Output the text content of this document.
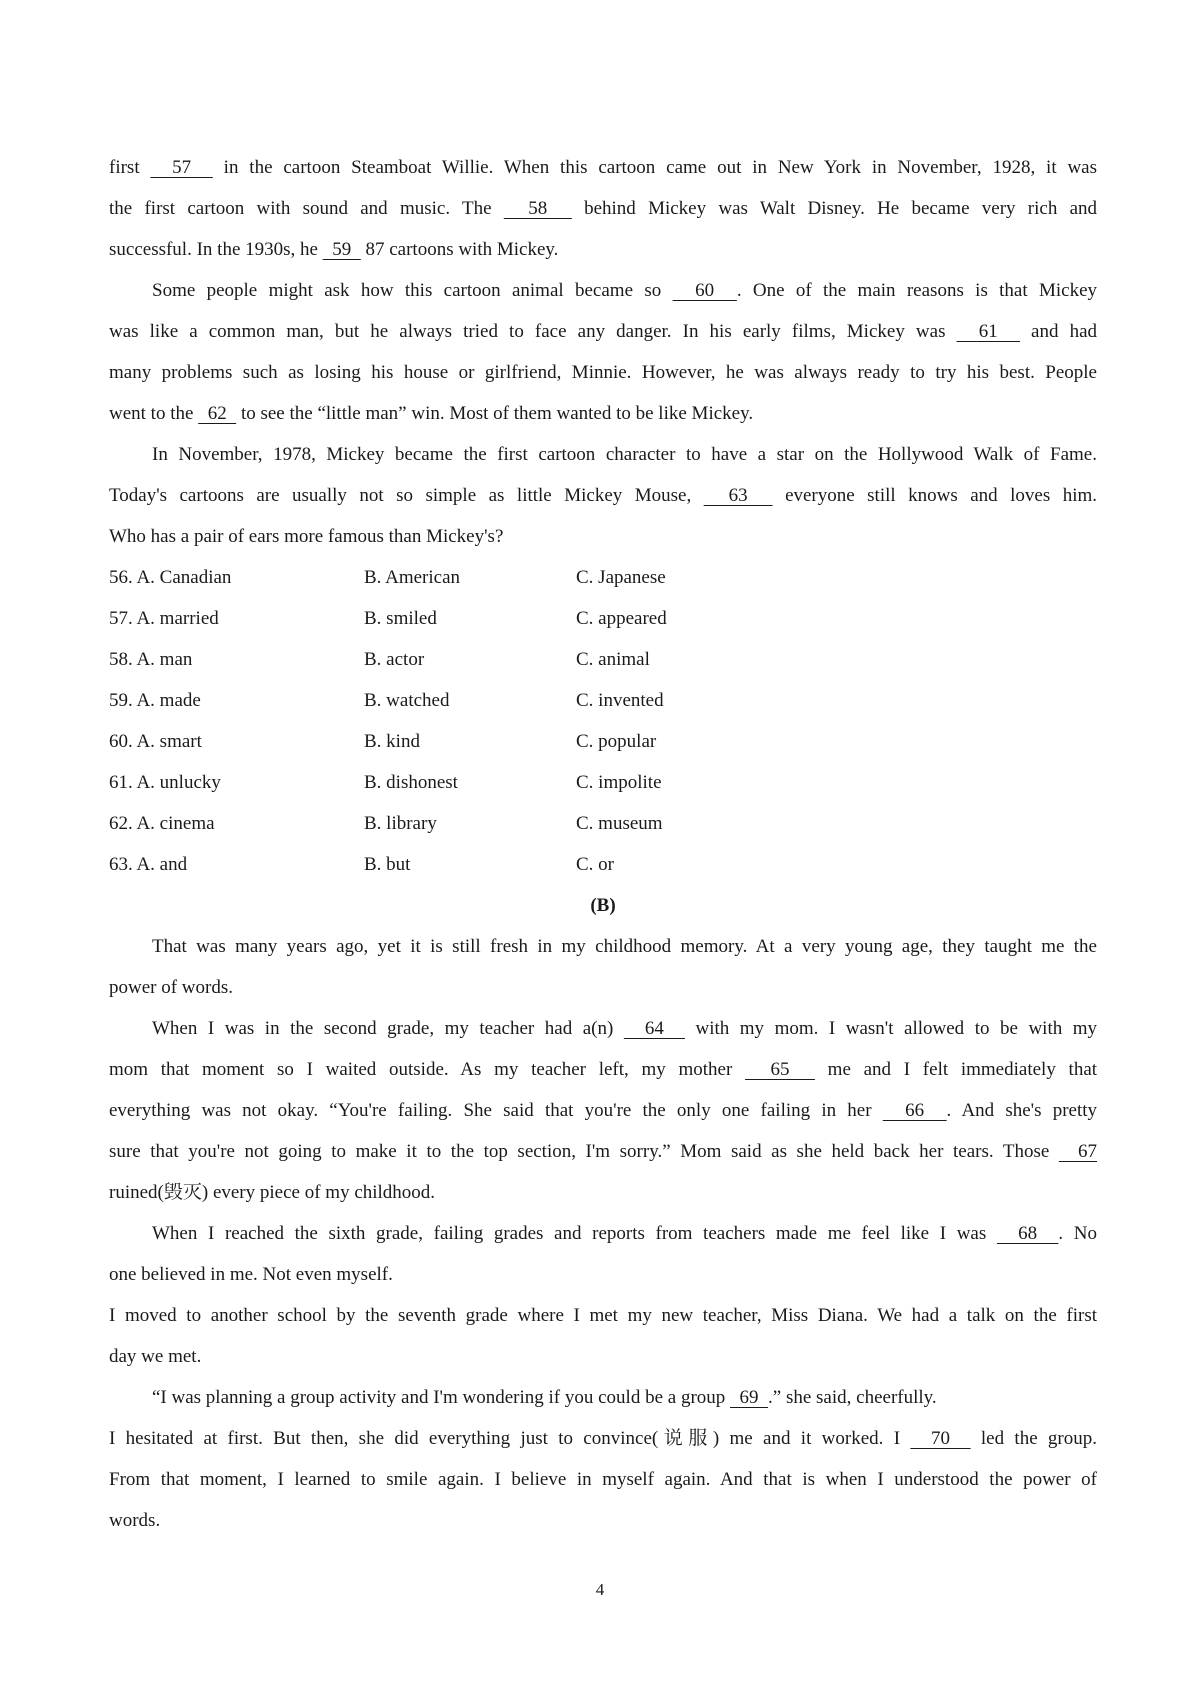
first   57   in the cartoon Steamboat Willie. When this cartoon came out in New York in November, 1928, it was
the first cartoon with sound and music. The   58   behind Mickey was Walt Disney. He became very rich and
successful. In the 1930s, he   59   87 cartoons with Mickey.
Some people might ask how this cartoon animal became so   60  . One of the main reasons is that Mickey
was like a common man, but he always tried to face any danger. In his early films, Mickey was   61   and had
many problems such as losing his house or girlfriend, Minnie. However, he was always ready to try his best. People
went to the   62   to see the “little man” win. Most of them wanted to be like Mickey.
In November, 1978, Mickey became the first cartoon character to have a star on the Hollywood Walk of Fame.
Today's cartoons are usually not so simple as little Mickey Mouse,   63   everyone still knows and loves him.
Who has a pair of ears more famous than Mickey's?
56. A. Canadian	B. American	C. Japanese
57. A. married	B. smiled	C. appeared
58. A. man	B. actor	C. animal
59. A. made	B. watched	C. invented
60. A. smart	B. kind	C. popular
61. A. unlucky	B. dishonest	C. impolite
62. A. cinema	B. library	C. museum
63. A. and	B. but	C. or
(B)
That was many years ago, yet it is still fresh in my childhood memory. At a very young age, they taught me the
power of words.
When I was in the second grade, my teacher had a(n)   64   with my mom. I wasn't allowed to be with my
mom that moment so I waited outside. As my teacher left, my mother   65   me and I felt immediately that
everything was not okay. “You're failing. She said that you're the only one failing in her   66  . And she's pretty
sure that you're not going to make it to the top section, I'm sorry.” Mom said as she held back her tears. Those   67
ruined(毁灭) every piece of my childhood.
When I reached the sixth grade, failing grades and reports from teachers made me feel like I was   68  . No
one believed in me. Not even myself.
I moved to another school by the seventh grade where I met my new teacher, Miss Diana. We had a talk on the first
day we met.
“I was planning a group activity and I'm wondering if you could be a group   69  .” she said, cheerfully.
I hesitated at first. But then, she did everything just to convince(说服) me and it worked. I   70   led the group.
From that moment, I learned to smile again. I believe in myself again. And that is when I understood the power of
words.
4
